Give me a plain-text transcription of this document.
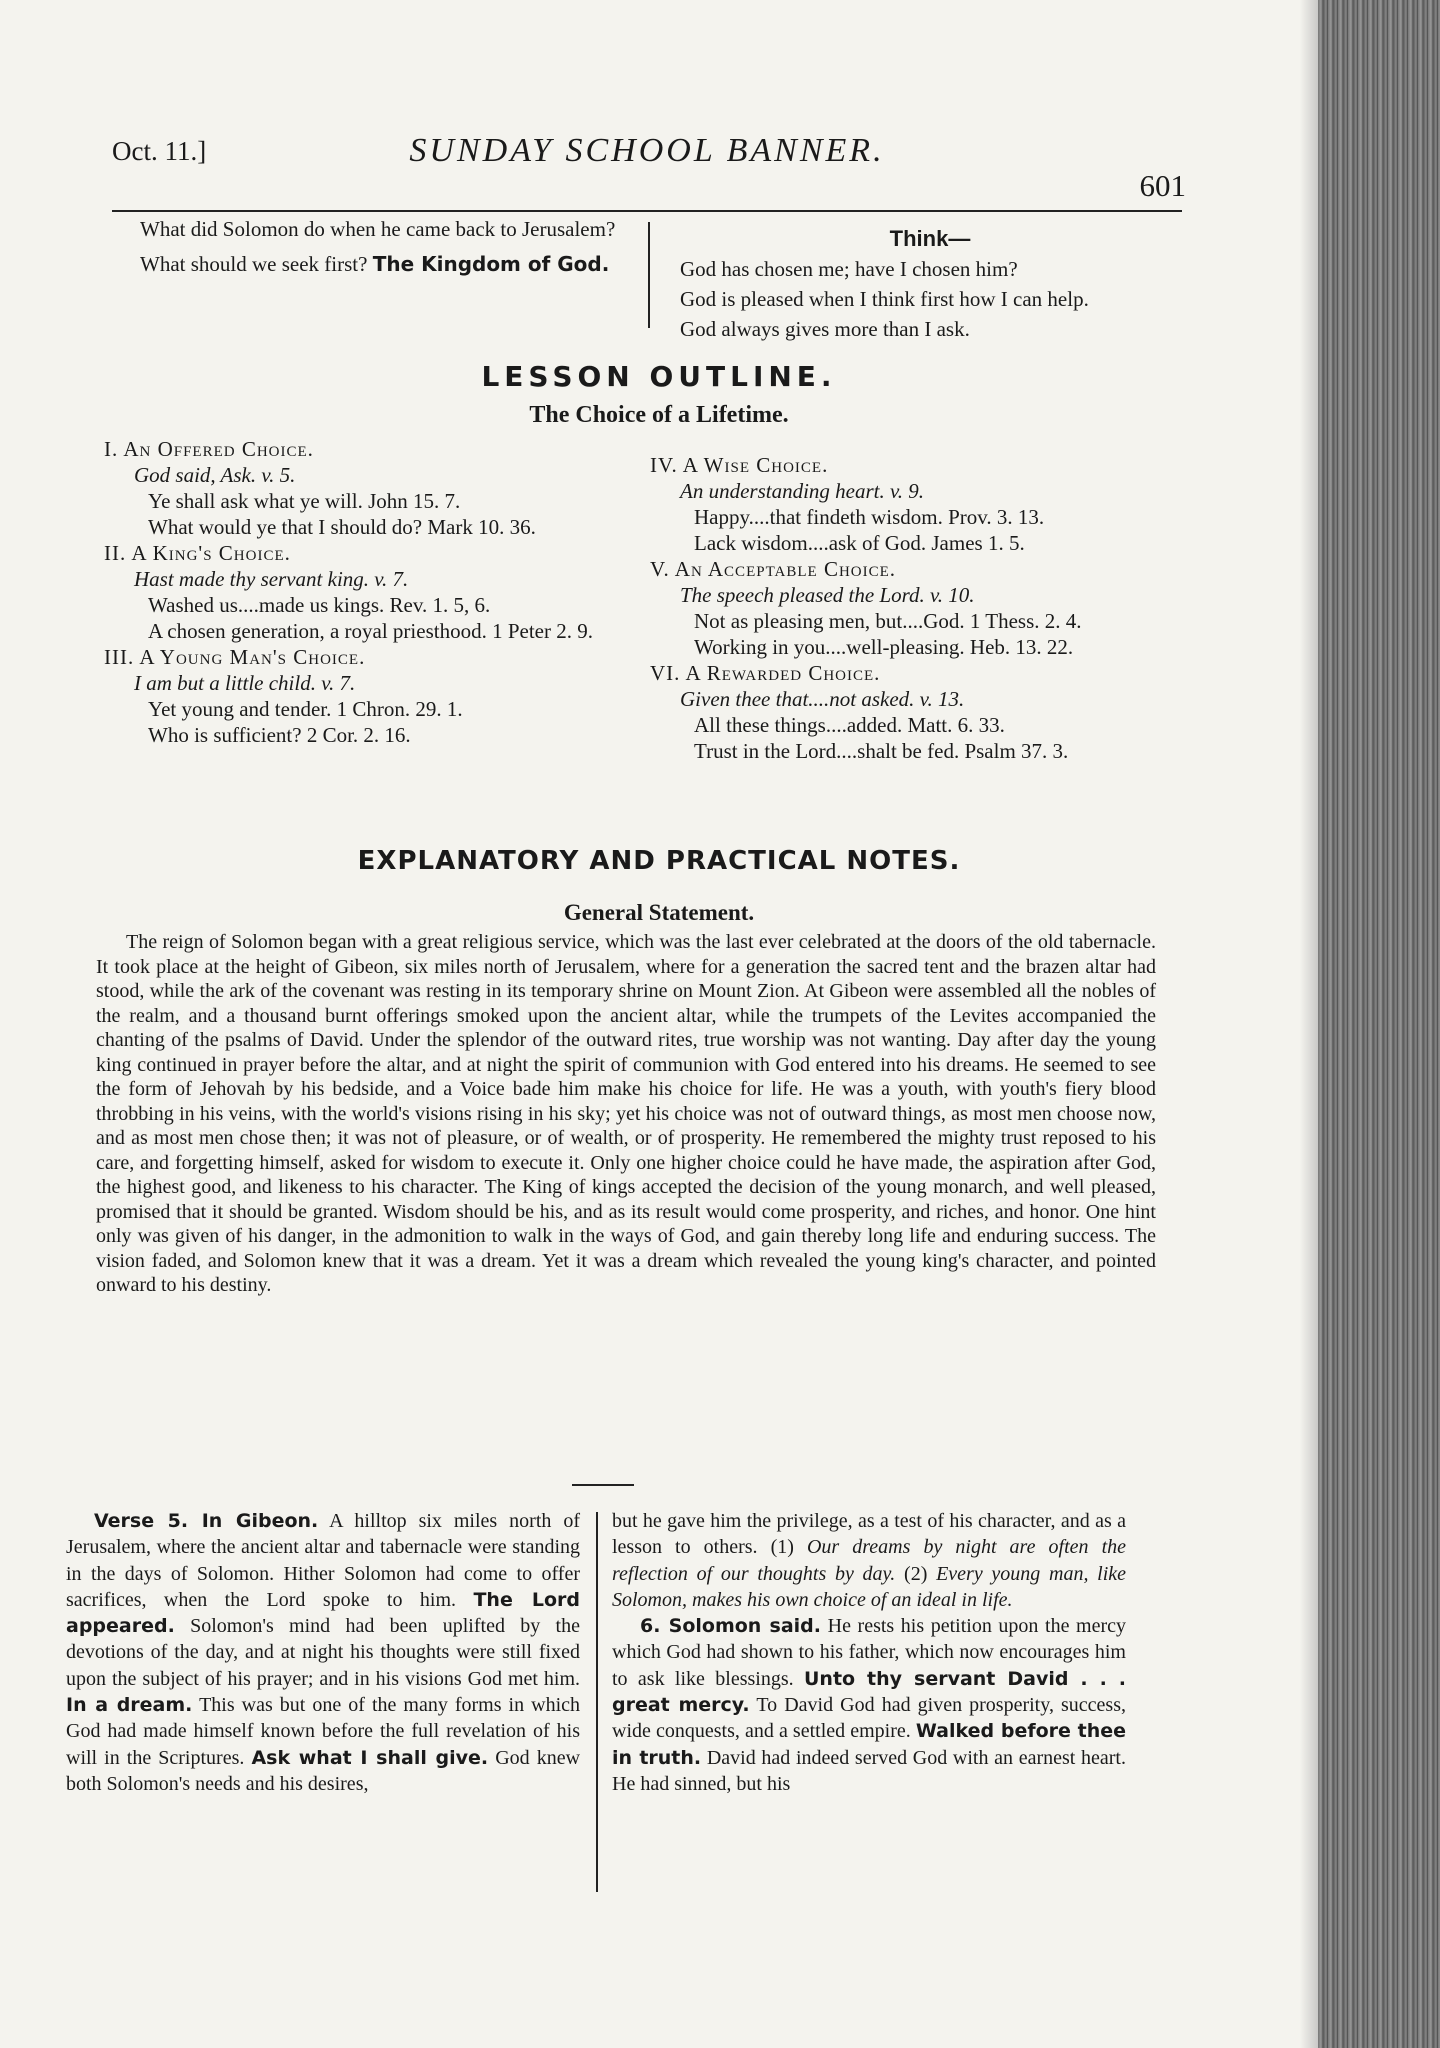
Oct. 11.]	SUNDAY SCHOOL BANNER.
601

What did Solomon do when he came back to Jerusalem?

What should we seek first? The Kingdom of God.

Think—
God has chosen me; have I chosen him?
God is pleased when I think first how I can help.
God always gives more than I ask.
LESSON OUTLINE.
The Choice of a Lifetime.
I. An Offered Choice.
God said, Ask. v. 5.
Ye shall ask what ye will. John 15. 7.
What would ye that I should do? Mark 10. 36.
II. A King's Choice.
Hast made thy servant king. v. 7.
Washed us....made us kings. Rev. 1. 5, 6.
A chosen generation, a royal priesthood. 1 Peter 2. 9.
III. A Young Man's Choice.
I am but a little child. v. 7.
Yet young and tender. 1 Chron. 29. 1.
Who is sufficient? 2 Cor. 2. 16.
IV. A Wise Choice.
An understanding heart. v. 9.
Happy....that findeth wisdom. Prov. 3. 13.
Lack wisdom....ask of God. James 1. 5.
V. An Acceptable Choice.
The speech pleased the Lord. v. 10.
Not as pleasing men, but....God. 1 Thess. 2. 4.
Working in you....well-pleasing. Heb. 13. 22.
VI. A Rewarded Choice.
Given thee that....not asked. v. 13.
All these things....added. Matt. 6. 33.
Trust in the Lord....shalt be fed. Psalm 37. 3.
EXPLANATORY AND PRACTICAL NOTES.
General Statement.
The reign of Solomon began with a great religious service, which was the last ever celebrated at the doors of the old tabernacle. It took place at the height of Gibeon, six miles north of Jerusalem, where for a generation the sacred tent and the brazen altar had stood, while the ark of the covenant was resting in its temporary shrine on Mount Zion. At Gibeon were assembled all the nobles of the realm, and a thousand burnt offerings smoked upon the ancient altar, while the trumpets of the Levites accompanied the chanting of the psalms of David. Under the splendor of the outward rites, true worship was not wanting. Day after day the young king continued in prayer before the altar, and at night the spirit of communion with God entered into his dreams. He seemed to see the form of Jehovah by his bedside, and a Voice bade him make his choice for life. He was a youth, with youth's fiery blood throbbing in his veins, with the world's visions rising in his sky; yet his choice was not of outward things, as most men choose now, and as most men chose then; it was not of pleasure, or of wealth, or of prosperity. He remembered the mighty trust reposed to his care, and forgetting himself, asked for wisdom to execute it. Only one higher choice could he have made, the aspiration after God, the highest good, and likeness to his character. The King of kings accepted the decision of the young monarch, and well pleased, promised that it should be granted. Wisdom should be his, and as its result would come prosperity, and riches, and honor. One hint only was given of his danger, in the admonition to walk in the ways of God, and gain thereby long life and enduring success. The vision faded, and Solomon knew that it was a dream. Yet it was a dream which revealed the young king's character, and pointed onward to his destiny.
Verse 5. In Gibeon. A hilltop six miles north of Jerusalem, where the ancient altar and tabernacle were standing in the days of Solomon. Hither Solomon had come to offer sacrifices, when the Lord spoke to him. The Lord appeared. Solomon's mind had been uplifted by the devotions of the day, and at night his thoughts were still fixed upon the subject of his prayer; and in his visions God met him. In a dream. This was but one of the many forms in which God had made himself known before the full revelation of his will in the Scriptures. Ask what I shall give. God knew both Solomon's needs and his desires,
but he gave him the privilege, as a test of his character, and as a lesson to others. (1) Our dreams by night are often the reflection of our thoughts by day. (2) Every young man, like Solomon, makes his own choice of an ideal in life.
6. Solomon said. He rests his petition upon the mercy which God had shown to his father, which now encourages him to ask like blessings. Unto thy servant David . . . great mercy. To David God had given prosperity, success, wide conquests, and a settled empire. Walked before thee in truth. David had indeed served God with an earnest heart. He had sinned, but his
